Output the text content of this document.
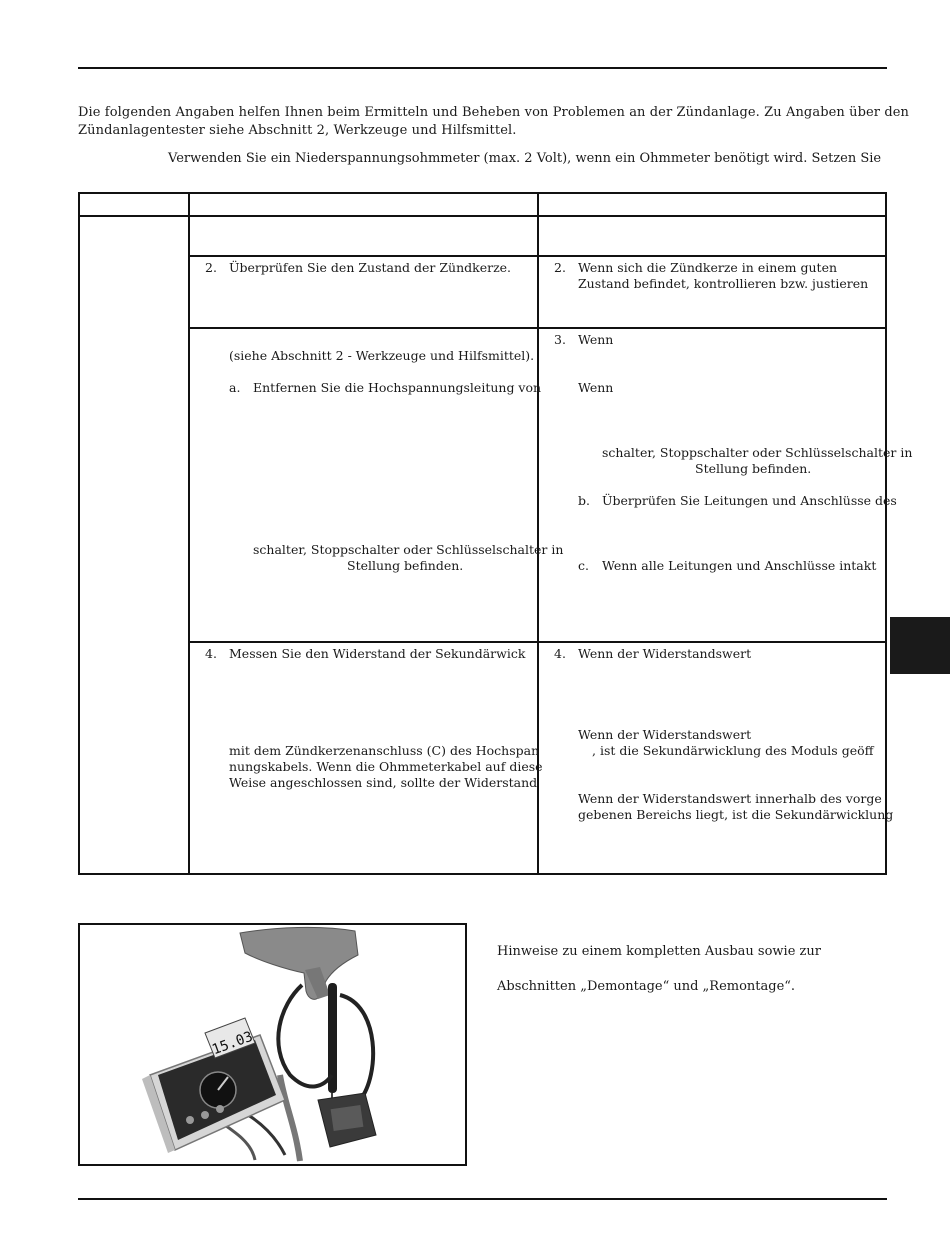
Die folgenden Angaben helfen Ihnen beim Ermitteln und Beheben von Problemen an der Zündanlage. Zu Angaben über den
Zündanlagentester siehe Abschnitt 2, Werkzeuge und Hilfsmittel.
Verwenden Sie ein Niederspannungsohmmeter (max. 2 Volt), wenn ein Ohmmeter benötigt wird. Setzen Sie
2. Überprüfen Sie den Zustand der Zündkerze.	2. Wenn sich die Zündkerze in einem guten
Zustand befindet, kontrollieren bzw. justieren
(siehe Abschnitt 2 - Werkzeuge und Hilfsmittel).
a. Entfernen Sie die Hochspannungsleitung von
schalter, Stoppschalter oder Schlüsselschalter in
Stellung befinden.
3. Wenn
Wenn
schalter, Stoppschalter oder Schlüsselschalter in
Stellung befinden.
b. Überprüfen Sie Leitungen und Anschlüsse des
c. Wenn alle Leitungen und Anschlüsse intakt
4. Messen Sie den Widerstand der Sekundärwick
mit dem Zündkerzenanschluss (C) des Hochspan
nungskabels. Wenn die Ohmmeterkabel auf diese
Weise angeschlossen sind, sollte der Widerstand
4. Wenn der Widerstandswert
Wenn der Widerstandswert
, ist die Sekundärwicklung des Moduls geöff
Wenn der Widerstandswert innerhalb des vorge
gebenen Bereichs liegt, ist die Sekundärwicklung
15.03
Hinweise zu einem kompletten Ausbau sowie zur
Abschnitten „Demontage“ und „Remontage“.
